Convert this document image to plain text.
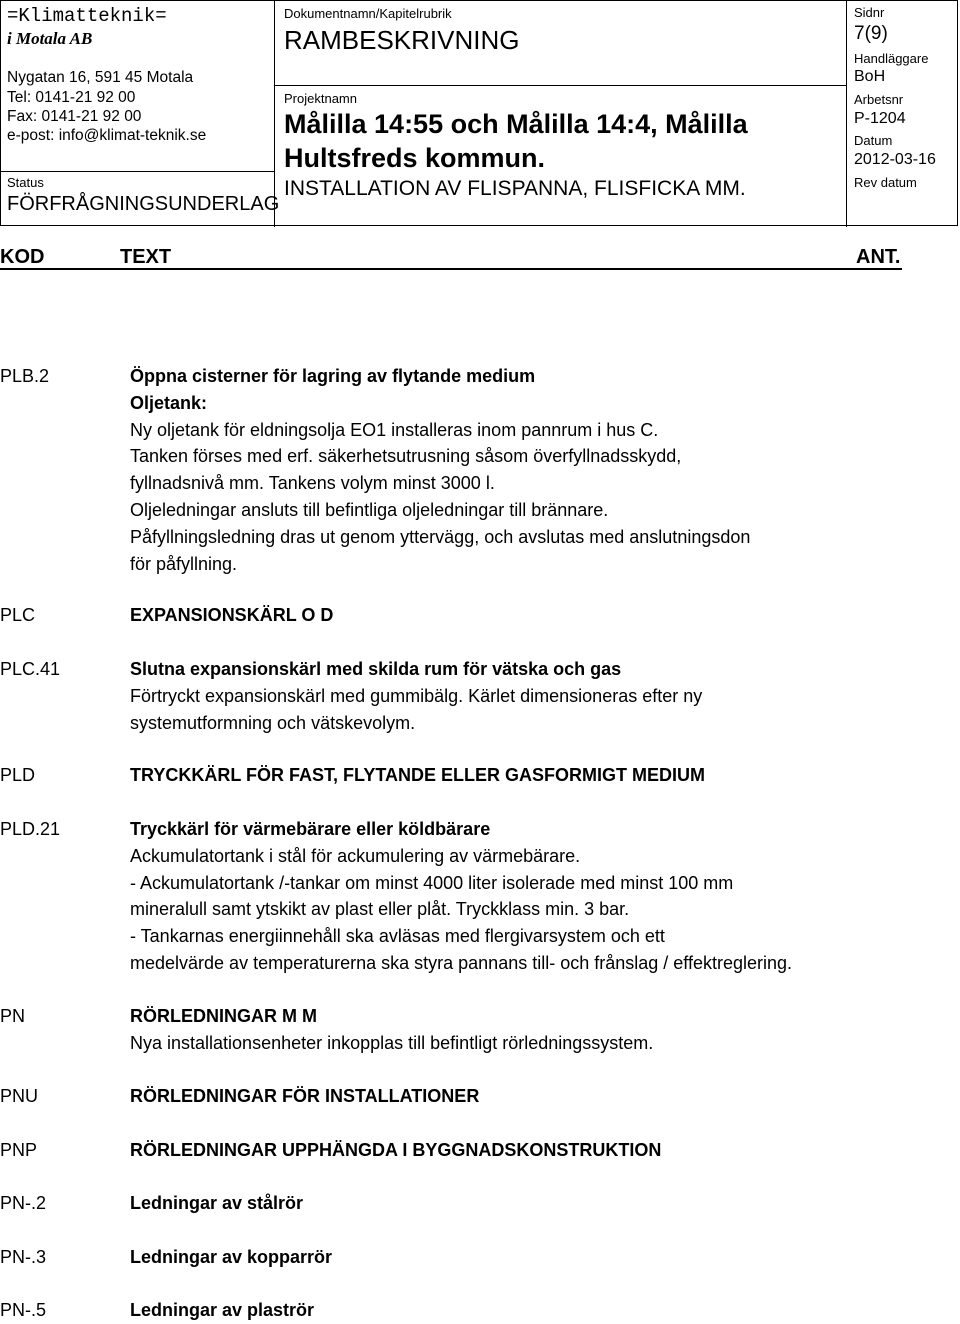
=Klimatteknik=
i Motala AB
Nygatan 16, 591 45 Motala
Tel: 0141-21 92 00
Fax: 0141-21 92 00
e-post: info@klimat-teknik.se
Status
FÖRFRÅGNINGSUNDERLAG
Dokumentnamn/Kapitelrubrik
RAMBESKRIVNING
Projektnamn
Målilla 14:55 och Målilla 14:4, Målilla
Hultsfreds kommun.
INSTALLATION AV FLISPANNA, FLISFICKA MM.
Sidnr
7(9)
Handläggare
BoH
Arbetsnr
P-1204
Datum
2012-03-16
Rev datum
KOD	TEXT	ANT.
PLB.2	Öppna cisterner för lagring av flytande medium
Oljetank:
Ny oljetank för eldningsolja EO1 installeras inom pannrum i hus C.
Tanken förses med erf. säkerhetsutrusning såsom överfyllnadsskydd,
fyllnadsnivå mm. Tankens volym minst 3000 l.
Oljeledningar ansluts till befintliga oljeledningar till brännare.
Påfyllningsledning dras ut genom yttervägg, och avslutas med anslutningsdon
för påfyllning.
PLC	EXPANSIONSKÄRL O D
PLC.41	Slutna expansionskärl med skilda rum för vätska och gas
Förtryckt expansionskärl med gummibälg. Kärlet dimensioneras efter ny
systemutformning och vätskevolym.
PLD	TRYCKKÄRL FÖR FAST, FLYTANDE ELLER GASFORMIGT MEDIUM
PLD.21	Tryckkärl för värmebärare eller köldbärare
Ackumulatortank i stål för ackumulering av värmebärare.
- Ackumulatortank /-tankar om minst 4000 liter isolerade med minst 100 mm
mineralull samt ytskikt av plast eller plåt. Tryckklass min. 3 bar.
- Tankarnas energiinnehåll ska avläsas med flergivarsystem och ett
medelvärde av temperaturerna ska styra pannans till- och frånslag / effektreglering.
PN	RÖRLEDNINGAR M M
Nya installationsenheter inkopplas till befintligt rörledningssystem.
PNU	RÖRLEDNINGAR FÖR INSTALLATIONER
PNP	RÖRLEDNINGAR UPPHÄNGDA I BYGGNADSKONSTRUKTION
PN-.2	Ledningar av stålrör
PN-.3	Ledningar av kopparrör
PN-.5	Ledningar av plaströr
